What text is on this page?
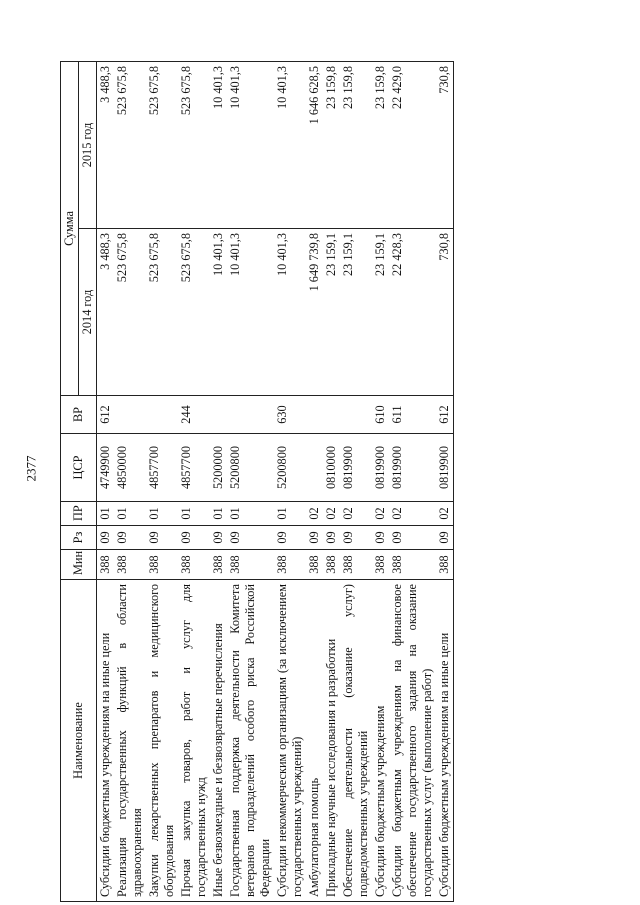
2377
Наименование	Мин	Рз	ПР	ЦСР	ВР	Сумма	
						2014 год	2015 год
Субсидии бюджетным учреждениям на иные цели	388	09	01	4749900	612	3 488,3	3 488,3
Реализация государственных функций в области здравоохранения	388	09	01	4850000		523 675,8	523 675,8
Закупки лекарственных препаратов и медицинского оборудования	388	09	01	4857700		523 675,8	523 675,8
Прочая закупка товаров, работ и услуг для государственных нужд	388	09	01	4857700	244	523 675,8	523 675,8
Иные безвозмездные и безвозвратные перечисления	388	09	01	5200000		10 401,3	10 401,3
Государственная поддержка деятельности Комитета ветеранов подразделений особого риска Российской Федерации	388	09	01	5200800		10 401,3	10 401,3
Субсидии некоммерческим организациям (за исключением государственных учреждений)	388	09	01	5200800	630	10 401,3	10 401,3
Амбулаторная помощь	388	09	02			1 649 739,8	1 646 628,5
Прикладные научные исследования и разработки	388	09	02	0810000		23 159,1	23 159,8
Обеспечение деятельности (оказание услуг) подведомственных учреждений	388	09	02	0819900		23 159,1	23 159,8
Субсидии бюджетным учреждениям	388	09	02	0819900	610	23 159,1	23 159,8
Субсидии бюджетным учреждениям на финансовое обеспечение государственного задания на оказание государственных услуг (выполнение работ)	388	09	02	0819900	611	22 428,3	22 429,0
Субсидии бюджетным учреждениям на иные цели	388	09	02	0819900	612	730,8	730,8
